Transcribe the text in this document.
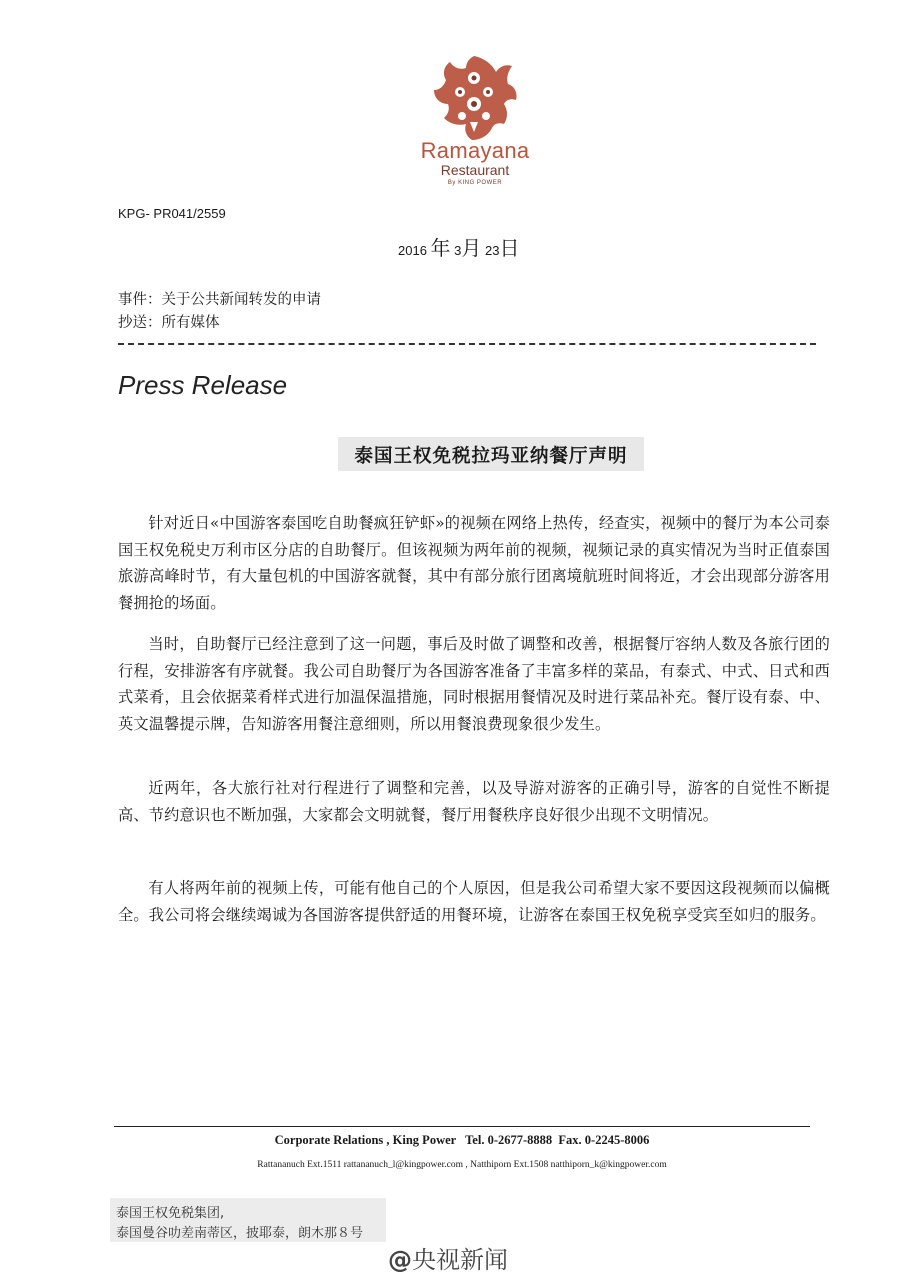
Ramayana
Restaurant
By KING POWER
KPG- PR041/2559
2016 年 3月 23日
事件：关于公共新闻转发的申请
抄送：所有媒体
Press Release
泰国王权免税拉玛亚纳餐厅声明
针对近日«中国游客泰国吃自助餐疯狂铲虾»的视频在网络上热传，经查实，视频中的餐厅为本公司泰国王权免税史万利市区分店的自助餐厅。但该视频为两年前的视频，视频记录的真实情况为当时正值泰国旅游高峰时节，有大量包机的中国游客就餐，其中有部分旅行团离境航班时间将近，才会出现部分游客用餐拥抢的场面。
当时，自助餐厅已经注意到了这一问题，事后及时做了调整和改善，根据餐厅容纳人数及各旅行团的行程，安排游客有序就餐。我公司自助餐厅为各国游客准备了丰富多样的菜品，有泰式、中式、日式和西式菜肴，且会依据菜肴样式进行加温保温措施，同时根据用餐情况及时进行菜品补充。餐厅设有泰、中、英文温馨提示牌，告知游客用餐注意细则，所以用餐浪费现象很少发生。
近两年，各大旅行社对行程进行了调整和完善，以及导游对游客的正确引导，游客的自觉性不断提高、节约意识也不断加强，大家都会文明就餐，餐厅用餐秩序良好很少出现不文明情况。
有人将两年前的视频上传，可能有他自己的个人原因，但是我公司希望大家不要因这段视频而以偏概全。我公司将会继续竭诚为各国游客提供舒适的用餐环境，让游客在泰国王权免税享受宾至如归的服务。
Corporate Relations , King Power   Tel. 0-2677-8888  Fax. 0-2245-8006
Rattananuch Ext.1511 rattananuch_l@kingpower.com , Natthiporn Ext.1508 natthiporn_k@kingpower.com
泰国王权免税集团,
泰国曼谷叻差南蒂区，披耶泰，朗木那８号
@央视新闻
